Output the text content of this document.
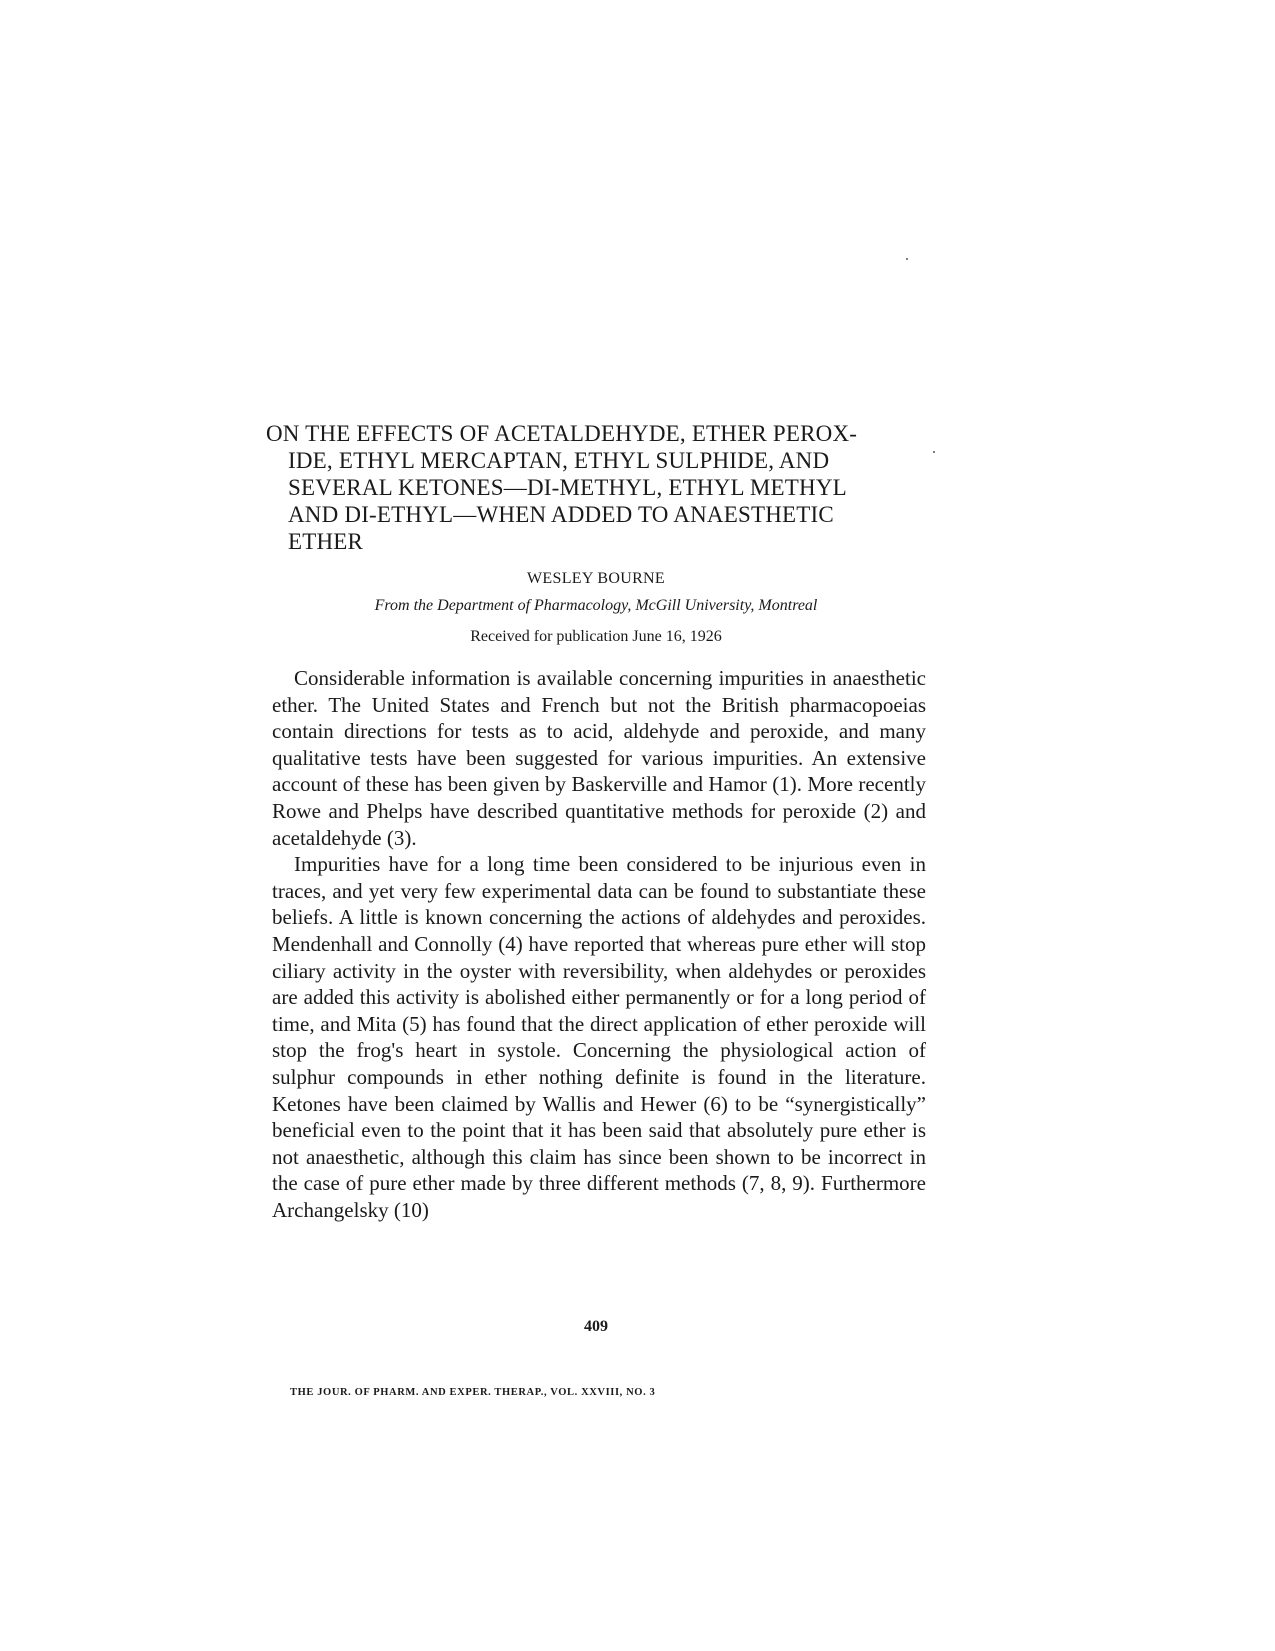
ON THE EFFECTS OF ACETALDEHYDE, ETHER PEROX-
IDE, ETHYL MERCAPTAN, ETHYL SULPHIDE, AND
SEVERAL KETONES—DI-METHYL, ETHYL METHYL
AND DI-ETHYL—WHEN ADDED TO ANAESTHETIC
ETHER
WESLEY BOURNE
From the Department of Pharmacology, McGill University, Montreal
Received for publication June 16, 1926

Considerable information is available concerning impurities in anaesthetic ether. The United States and French but not the British pharmacopoeias contain directions for tests as to acid, aldehyde and peroxide, and many qualitative tests have been suggested for various impurities. An extensive account of these has been given by Baskerville and Hamor (1). More recently Rowe and Phelps have described quantitative methods for peroxide (2) and acetaldehyde (3).

Impurities have for a long time been considered to be injurious even in traces, and yet very few experimental data can be found to substantiate these beliefs. A little is known concerning the actions of aldehydes and peroxides. Mendenhall and Connolly (4) have reported that whereas pure ether will stop ciliary activity in the oyster with reversibility, when aldehydes or peroxides are added this activity is abolished either permanently or for a long period of time, and Mita (5) has found that the direct application of ether peroxide will stop the frog's heart in systole. Concerning the physiological action of sulphur compounds in ether nothing definite is found in the literature. Ketones have been claimed by Wallis and Hewer (6) to be “synergistically” beneficial even to the point that it has been said that absolutely pure ether is not anaesthetic, although this claim has since been shown to be incorrect in the case of pure ether made by three different methods (7, 8, 9). Furthermore Archangelsky (10)

409
THE JOUR. OF PHARM. AND EXPER. THERAP., VOL. XXVIII, NO. 3
